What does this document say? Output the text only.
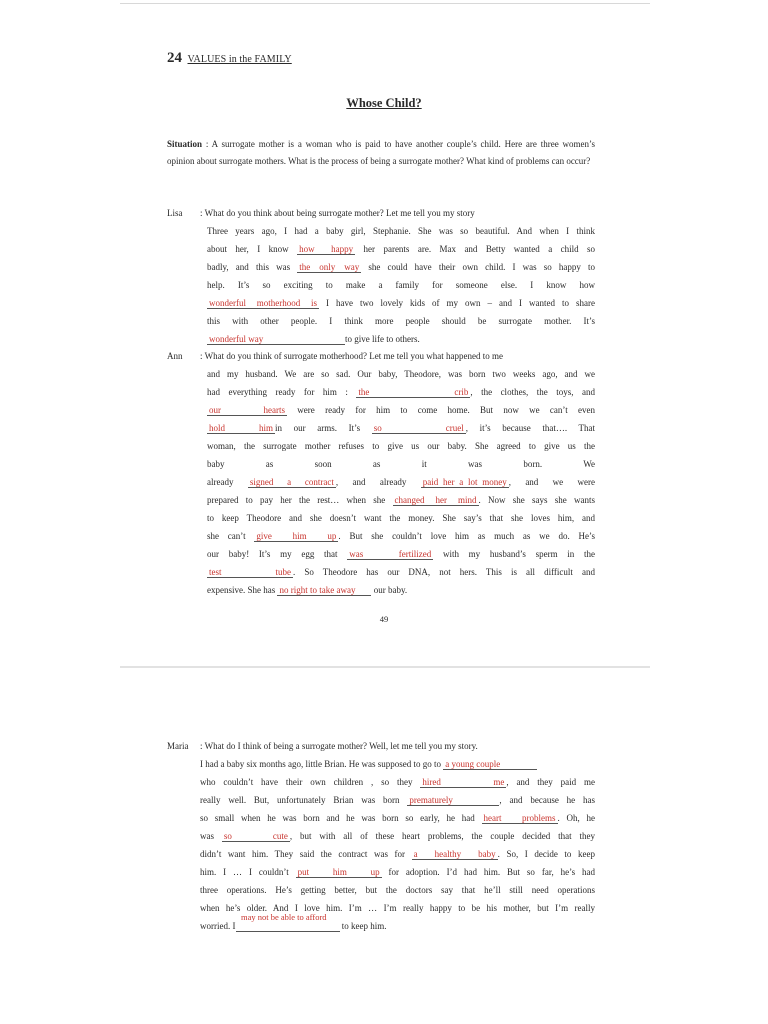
24 VALUES in the FAMILY
Whose Child?
Situation : A surrogate mother is a woman who is paid to have another couple’s child. Here are three women’s opinion about surrogate mothers. What is the process of being a surrogate mother? What kind of problems can occur?
Lisa	: What do you think about being surrogate mother? Let me tell you my story
Three years ago, I had a baby girl, Stephanie. She was so beautiful. And when I think
about her, I know how happy her parents are. Max and Betty wanted a child so
badly, and this was the only way she could have their own child. I was so happy to
help. It’s so exciting to make a family for someone else. I know how
wonderful motherhood is I have two lovely kids of my own – and I wanted to share
this with other people. I think more people should be surrogate mother. It’s
wonderful way	to give life to others.
Ann	: What do you think of surrogate motherhood? Let me tell you what happened to me
and my husband. We are so sad. Our baby, Theodore, was born two weeks ago, and we
had everything ready for him : the crib , the clothes, the toys, and
our hearts were ready for him to come home. But now we can’t even
hold him in our arms. It’s so cruel , it’s because that…. That
woman, the surrogate mother refuses to give us our baby. She agreed to give us the
baby as soon as it was born. We
already signed a contract , and already paid her a lot money , and we were
prepared to pay her the rest… when she changed her mind . Now she says she wants
to keep Theodore and she doesn’t want the money. She say’s that she loves him, and
she can’t give him up . But she couldn’t love him as much as we do. He’s
our baby! It’s my egg that was fertilized with my husband’s sperm in the
test tube . So Theodore has our DNA, not hers. This is all difficult and
expensive. She has no right to take away our baby.
49
Maria	: What do I think of being a surrogate mother? Well, let me tell you my story.
I had a baby six months ago, little Brian. He was supposed to go to a young couple
who couldn’t have their own children , so they hired me , and they paid me
really well. But, unfortunately Brian was born prematurely	, and because he has
so small when he was born and he was born so early, he had heart problems . Oh, he
was so cute , but with all of these heart problems, the couple decided that they
didn’t want him. They said the contract was for a healthy baby . So, I decide to keep
him. I … I couldn’t put him up for adoption. I’d had him. But so far, he’s had
three operations. He’s getting better, but the doctors say that he’ll still need operations
when he’s older. And I love him. I’m … I’m really happy to be his mother, but I’m really
worried. I	to keep him.
may not be able to afford
